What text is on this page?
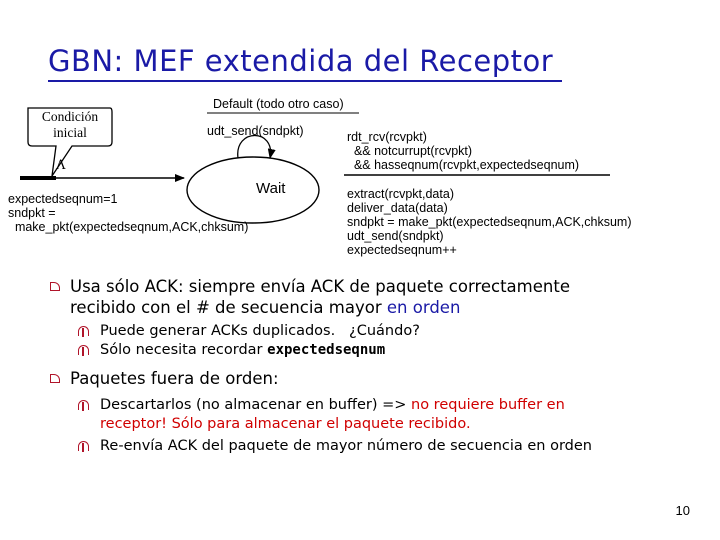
GBN: MEF extendida del Receptor
Condición
inicial
Λ
expectedseqnum=1
sndpkt =
make_pkt(expectedseqnum,ACK,chksum)
Wait
Default (todo otro caso)
udt_send(sndpkt)	rdt_rcv(rcvpkt)
&& notcurrupt(rcvpkt)
&& hasseqnum(rcvpkt,expectedseqnum)
extract(rcvpkt,data)
deliver_data(data)
sndpkt = make_pkt(expectedseqnum,ACK,chksum)
udt_send(sndpkt)
expectedseqnum++
Usa sólo ACK: siempre envía ACK de paquete correctamente
recibido con el # de secuencia mayor en orden
Puede generar ACKs duplicados. ¿Cuándo?
Sólo necesita recordar expectedseqnum
Paquetes fuera de orden:
Descartarlos (no almacenar en buffer) => no requiere buffer en
receptor! Sólo para almacenar el paquete recibido.
Re-envía ACK del paquete de mayor número de secuencia en orden
10
